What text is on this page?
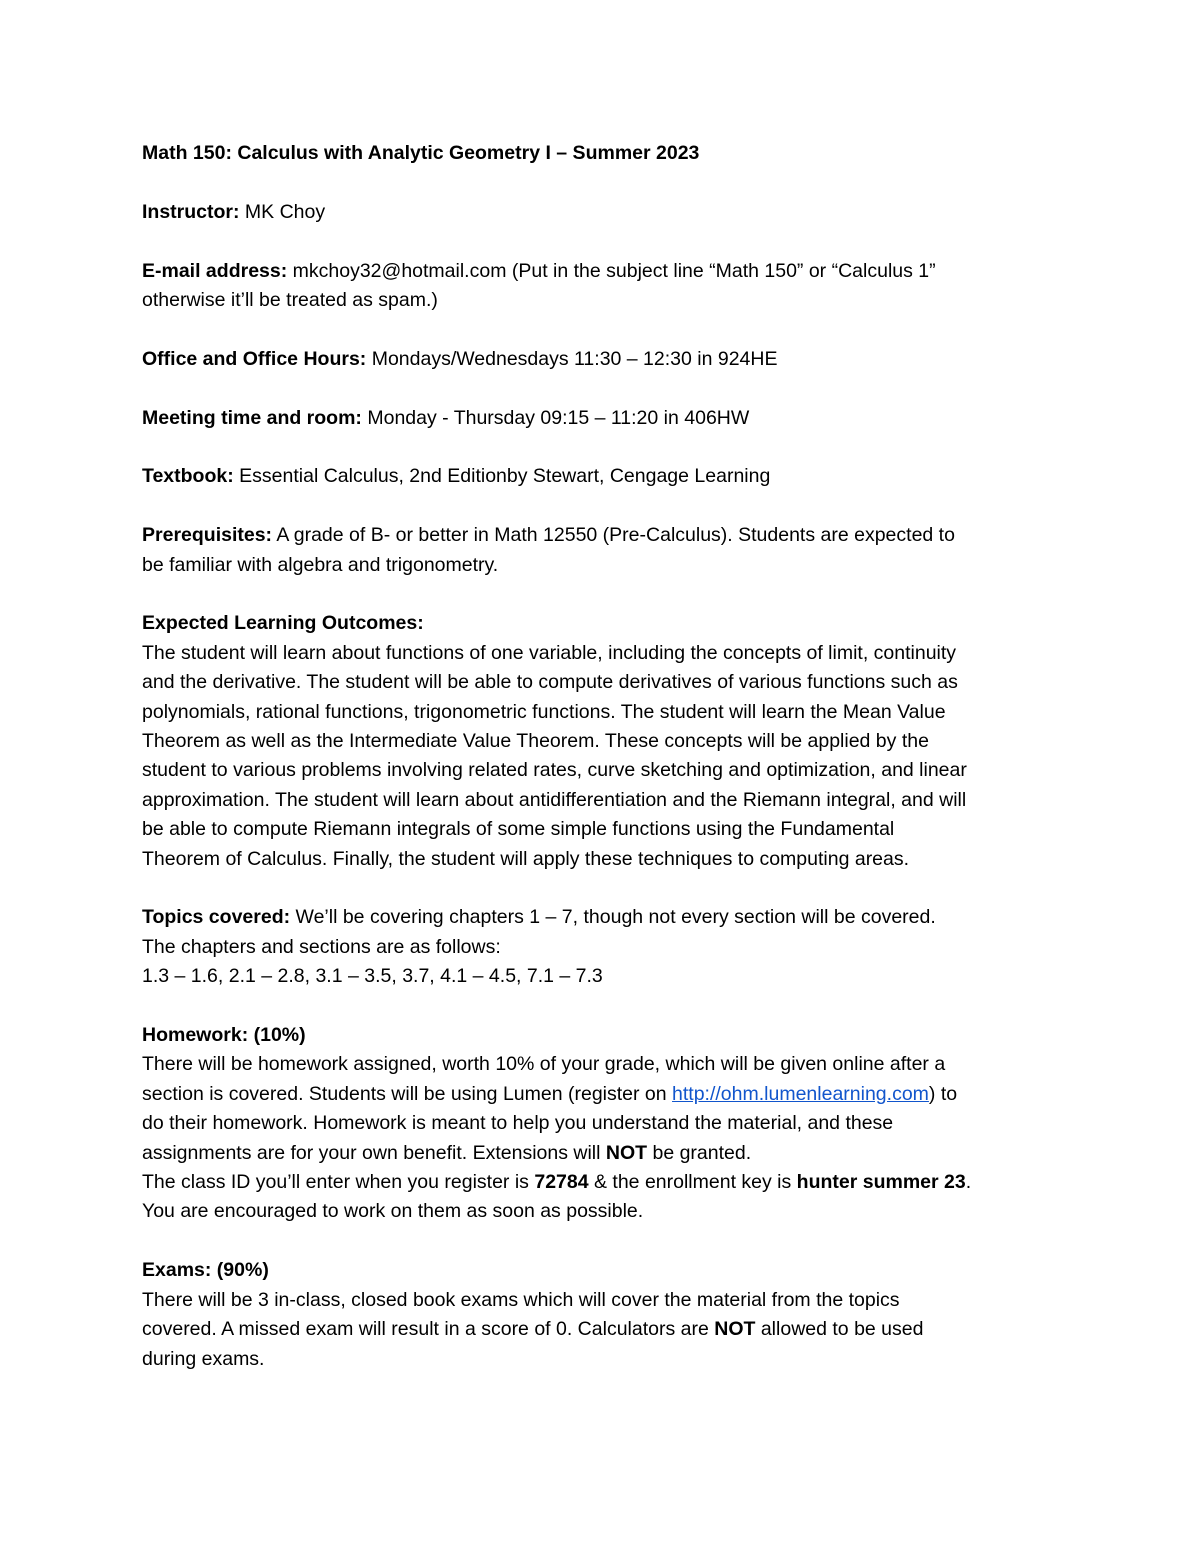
Math 150: Calculus with Analytic Geometry I – Summer 2023

Instructor: MK Choy

E-mail address: mkchoy32@hotmail.com (Put in the subject line “Math 150” or “Calculus 1”
otherwise it’ll be treated as spam.)

Office and Office Hours: Mondays/Wednesdays 11:30 – 12:30 in 924HE

Meeting time and room: Monday - Thursday 09:15 – 11:20 in 406HW

Textbook: Essential Calculus, 2nd Editionby Stewart, Cengage Learning

Prerequisites: A grade of B- or better in Math 12550 (Pre-Calculus). Students are expected to
be familiar with algebra and trigonometry.

Expected Learning Outcomes:
The student will learn about functions of one variable, including the concepts of limit, continuity
and the derivative. The student will be able to compute derivatives of various functions such as
polynomials, rational functions, trigonometric functions. The student will learn the Mean Value
Theorem as well as the Intermediate Value Theorem. These concepts will be applied by the
student to various problems involving related rates, curve sketching and optimization, and linear
approximation. The student will learn about antidifferentiation and the Riemann integral, and will
be able to compute Riemann integrals of some simple functions using the Fundamental
Theorem of Calculus. Finally, the student will apply these techniques to computing areas.

Topics covered: We’ll be covering chapters 1 – 7, though not every section will be covered.
The chapters and sections are as follows:
1.3 – 1.6, 2.1 – 2.8, 3.1 – 3.5, 3.7, 4.1 – 4.5, 7.1 – 7.3

Homework: (10%)
There will be homework assigned, worth 10% of your grade, which will be given online after a
section is covered. Students will be using Lumen (register on http://ohm.lumenlearning.com) to
do their homework. Homework is meant to help you understand the material, and these
assignments are for your own benefit. Extensions will NOT be granted.
The class ID you’ll enter when you register is 72784 & the enrollment key is hunter summer 23.
You are encouraged to work on them as soon as possible.

Exams: (90%)
There will be 3 in-class, closed book exams which will cover the material from the topics
covered. A missed exam will result in a score of 0. Calculators are NOT allowed to be used
during exams.
